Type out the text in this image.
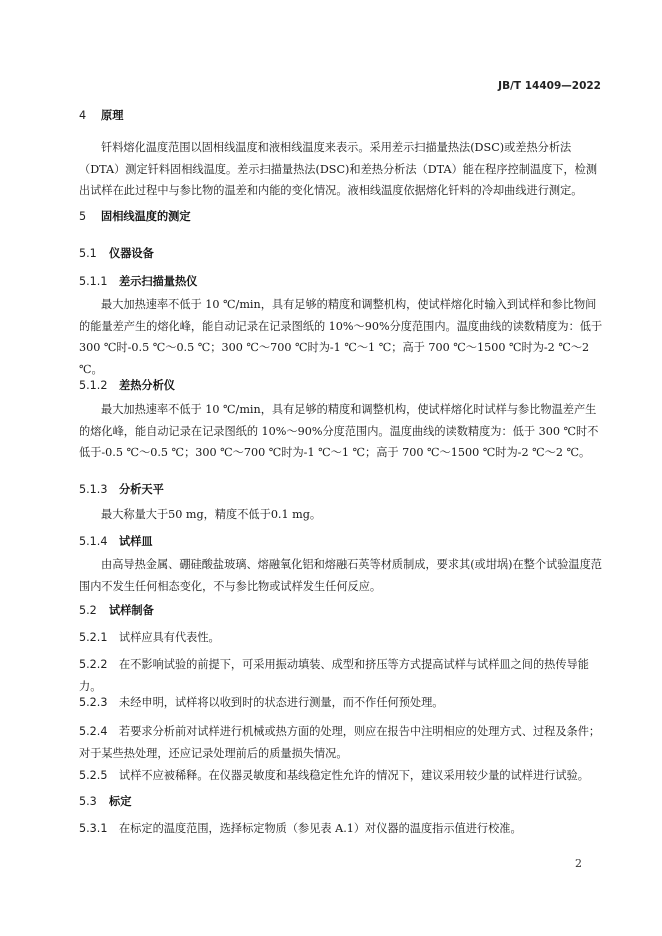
JB/T 14409—2022
4 原理
钎料熔化温度范围以固相线温度和液相线温度来表示。采用差示扫描量热法(DSC)或差热分析法（DTA）测定钎料固相线温度。差示扫描量热法(DSC)和差热分析法（DTA）能在程序控制温度下，检测出试样在此过程中与参比物的温差和内能的变化情况。液相线温度依据熔化钎料的冷却曲线进行测定。
5 固相线温度的测定
5.1 仪器设备
5.1.1 差示扫描量热仪
最大加热速率不低于 10 ℃/min，具有足够的精度和调整机构，使试样熔化时输入到试样和参比物间的能量差产生的熔化峰，能自动记录在记录图纸的 10%～90%分度范围内。温度曲线的读数精度为：低于 300 ℃时-0.5 ℃～0.5 ℃；300 ℃～700 ℃时为-1 ℃～1 ℃；高于 700 ℃～1500 ℃时为-2 ℃～2 ℃。
5.1.2 差热分析仪
最大加热速率不低于 10 ℃/min，具有足够的精度和调整机构，使试样熔化时试样与参比物温差产生的熔化峰，能自动记录在记录图纸的 10%～90%分度范围内。温度曲线的读数精度为：低于 300 ℃时不低于-0.5 ℃～0.5 ℃；300 ℃～700 ℃时为-1 ℃～1 ℃；高于 700 ℃～1500 ℃时为-2 ℃～2 ℃。
5.1.3 分析天平
最大称量大于50 mg，精度不低于0.1 mg。
5.1.4 试样皿
由高导热金属、硼硅酸盐玻璃、熔融氧化铝和熔融石英等材质制成，要求其(或坩埚)在整个试验温度范围内不发生任何相态变化，不与参比物或试样发生任何反应。
5.2 试样制备
5.2.1 试样应具有代表性。
5.2.2 在不影响试验的前提下，可采用振动填装、成型和挤压等方式提高试样与试样皿之间的热传导能力。
5.2.3 未经申明，试样将以收到时的状态进行测量，而不作任何预处理。
5.2.4 若要求分析前对试样进行机械或热方面的处理，则应在报告中注明相应的处理方式、过程及条件；对于某些热处理，还应记录处理前后的质量损失情况。
5.2.5 试样不应被稀释。在仪器灵敏度和基线稳定性允许的情况下，建议采用较少量的试样进行试验。
5.3 标定
5.3.1 在标定的温度范围，选择标定物质（参见表 A.1）对仪器的温度指示值进行校准。
2
